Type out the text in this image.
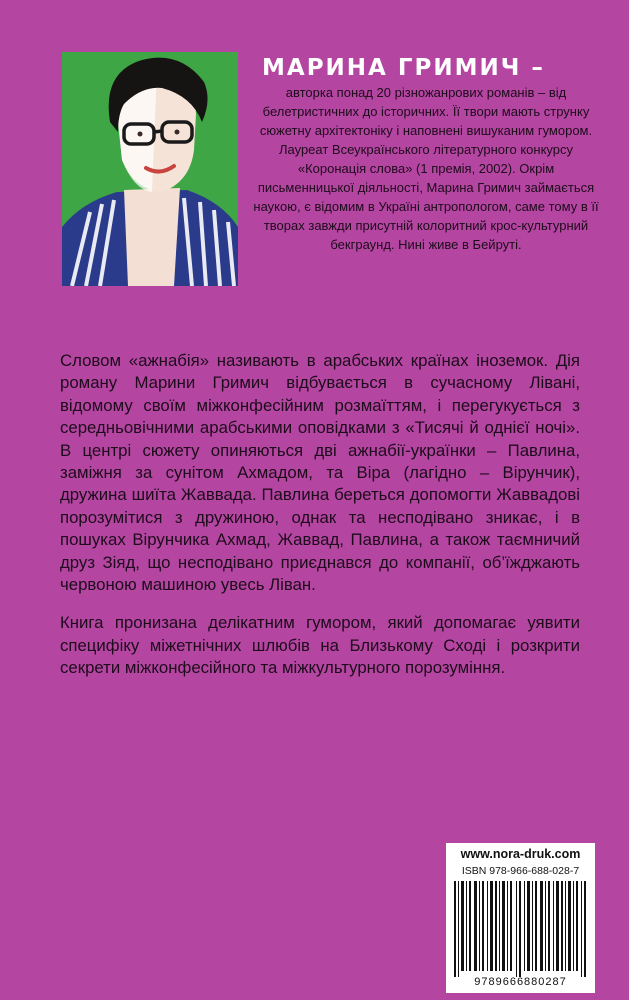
МАРИНА ГРИМИЧ –

авторка понад 20 різножанрових романів – від белетристичних до історичних. Її твори мають струнку сюжетну архітектоніку і наповнені вишуканим гумором. Лауреат Всеукраїнського літературного конкурсу «Коронація слова» (1 премія, 2002). Окрім письменницької діяльності, Марина Гримич займається наукою, є відомим в Україні антропологом, саме тому в її творах завжди присутній колоритний крос-культурний бекграунд. Нині живе в Бейруті.

Словом «ажнабія» називають в арабських країнах іноземок. Дія роману Марини Гримич відбувається в сучасному Лівані, відомому своїм міжконфесійним розмаїттям, і перегукується з середньовічними арабськими оповідками з «Тисячі й однієї ночі». В центрі сюжету опиняються дві ажнабії-українки – Павлина, заміжня за сунітом Ахмадом, та Віра (лагідно – Вірунчик), дружина шиїта Жаввада. Павлина береться допомогти Жаввадові порозумітися з дружиною, однак та несподівано зникає, і в пошуках Вірунчика Ахмад, Жаввад, Павлина, а також таємничий друз Зіяд, що несподівано приєднався до компанії, об’їжджають червоною машиною увесь Ліван.

Книга пронизана делікатним гумором, який допомагає уявити специфіку міжетнічних шлюбів на Близькому Сході і розкрити секрети міжконфесійного та міжкультурного порозуміння.

www.nora-druk.com
ISBN 978-966-688-028-7
9789666880287
